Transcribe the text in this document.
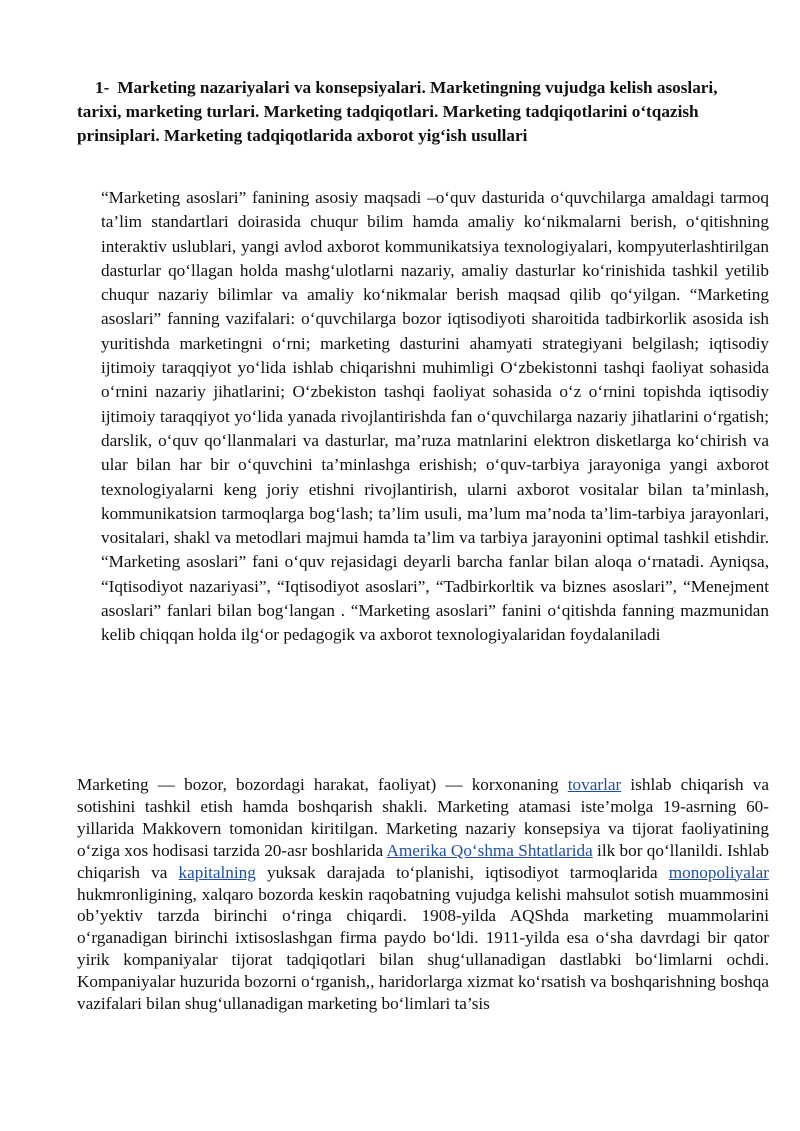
1- Marketing nazariyalari va konsepsiyalari. Marketingning vujudga kelish asoslari, tarixi, marketing turlari. Marketing tadqiqotlari. Marketing tadqiqotlarini o‘tqazish prinsiplari. Marketing tadqiqotlarida axborot yig‘ish usullari

“Marketing asoslari” fanining asosiy maqsadi –o‘quv dasturida o‘quvchilarga amaldagi tarmoq ta’lim standartlari doirasida chuqur bilim hamda amaliy ko‘nikmalarni berish, o‘qitishning interaktiv uslublari, yangi avlod axborot kommunikatsiya texnologiyalari, kompyuterlashtirilgan dasturlar qo‘llagan holda mashg‘ulotlarni nazariy, amaliy dasturlar ko‘rinishida tashkil yetilib chuqur nazariy bilimlar va amaliy ko‘nikmalar berish maqsad qilib qo‘yilgan. “Marketing asoslari” fanning vazifalari: o‘quvchilarga bozor iqtisodiyoti sharoitida tadbirkorlik asosida ish yuritishda marketingni o‘rni; marketing dasturini ahamyati strategiyani belgilash; iqtisodiy ijtimoiy taraqqiyot yo‘lida ishlab chiqarishni muhimligi O‘zbekistonni tashqi faoliyat sohasida o‘rnini nazariy jihatlarini; O‘zbekiston tashqi faoliyat sohasida o‘z o‘rnini topishda iqtisodiy ijtimoiy taraqqiyot yo‘lida yanada rivojlantirishda fan o‘quvchilarga nazariy jihatlarini o‘rgatish; darslik, o‘quv qo‘llanmalari va dasturlar, ma’ruza matnlarini elektron disketlarga ko‘chirish va ular bilan har bir o‘quvchini ta’minlashga erishish; o‘quv-tarbiya jarayoniga yangi axborot texnologiyalarni keng joriy etishni rivojlantirish, ularni axborot vositalar bilan ta’minlash, kommunikatsion tarmoqlarga bog‘lash; ta’lim usuli, ma’lum ma’noda ta’lim-tarbiya jarayonlari, vositalari, shakl va metodlari majmui hamda ta’lim va tarbiya jarayonini optimal tashkil etishdir. “Marketing asoslari” fani o‘quv rejasidagi deyarli barcha fanlar bilan aloqa o‘rnatadi. Ayniqsa, “Iqtisodiyot nazariyasi”, “Iqtisodiyot asoslari”, “Tadbirkorltik va biznes asoslari”, “Menejment asoslari” fanlari bilan bog‘langan . “Marketing asoslari” fanini o‘qitishda fanning mazmunidan kelib chiqqan holda ilg‘or pedagogik va axborot texnologiyalaridan foydalaniladi

Marketing — bozor, bozordagi harakat, faoliyat) — korxonaning tovarlar ishlab chiqarish va sotishini tashkil etish hamda boshqarish shakli. Marketing atamasi iste’molga 19-asrning 60-yillarida Makkovern tomonidan kiritilgan. Marketing nazariy konsepsiya va tijorat faoliyatining o‘ziga xos hodisasi tarzida 20-asr boshlarida Amerika Qo‘shma Shtatlarida ilk bor qo‘llanildi. Ishlab chiqarish va kapitalning yuksak darajada to‘planishi, iqtisodiyot tarmoqlarida monopoliyalar hukmronligining, xalqaro bozorda keskin raqobatning vujudga kelishi mahsulot sotish muammosini ob’yektiv tarzda birinchi o‘ringa chiqardi. 1908-yilda AQShda marketing muammolarini o‘rganadigan birinchi ixtisoslashgan firma paydo bo‘ldi. 1911-yilda esa o‘sha davrdagi bir qator yirik kompaniyalar tijorat tadqiqotlari bilan shug‘ullanadigan dastlabki bo‘limlarni ochdi. Kompaniyalar huzurida bozorni o‘rganish,, haridorlarga xizmat ko‘rsatish va boshqarishning boshqa vazifalari bilan shug‘ullanadigan marketing bo‘limlari ta’sis
